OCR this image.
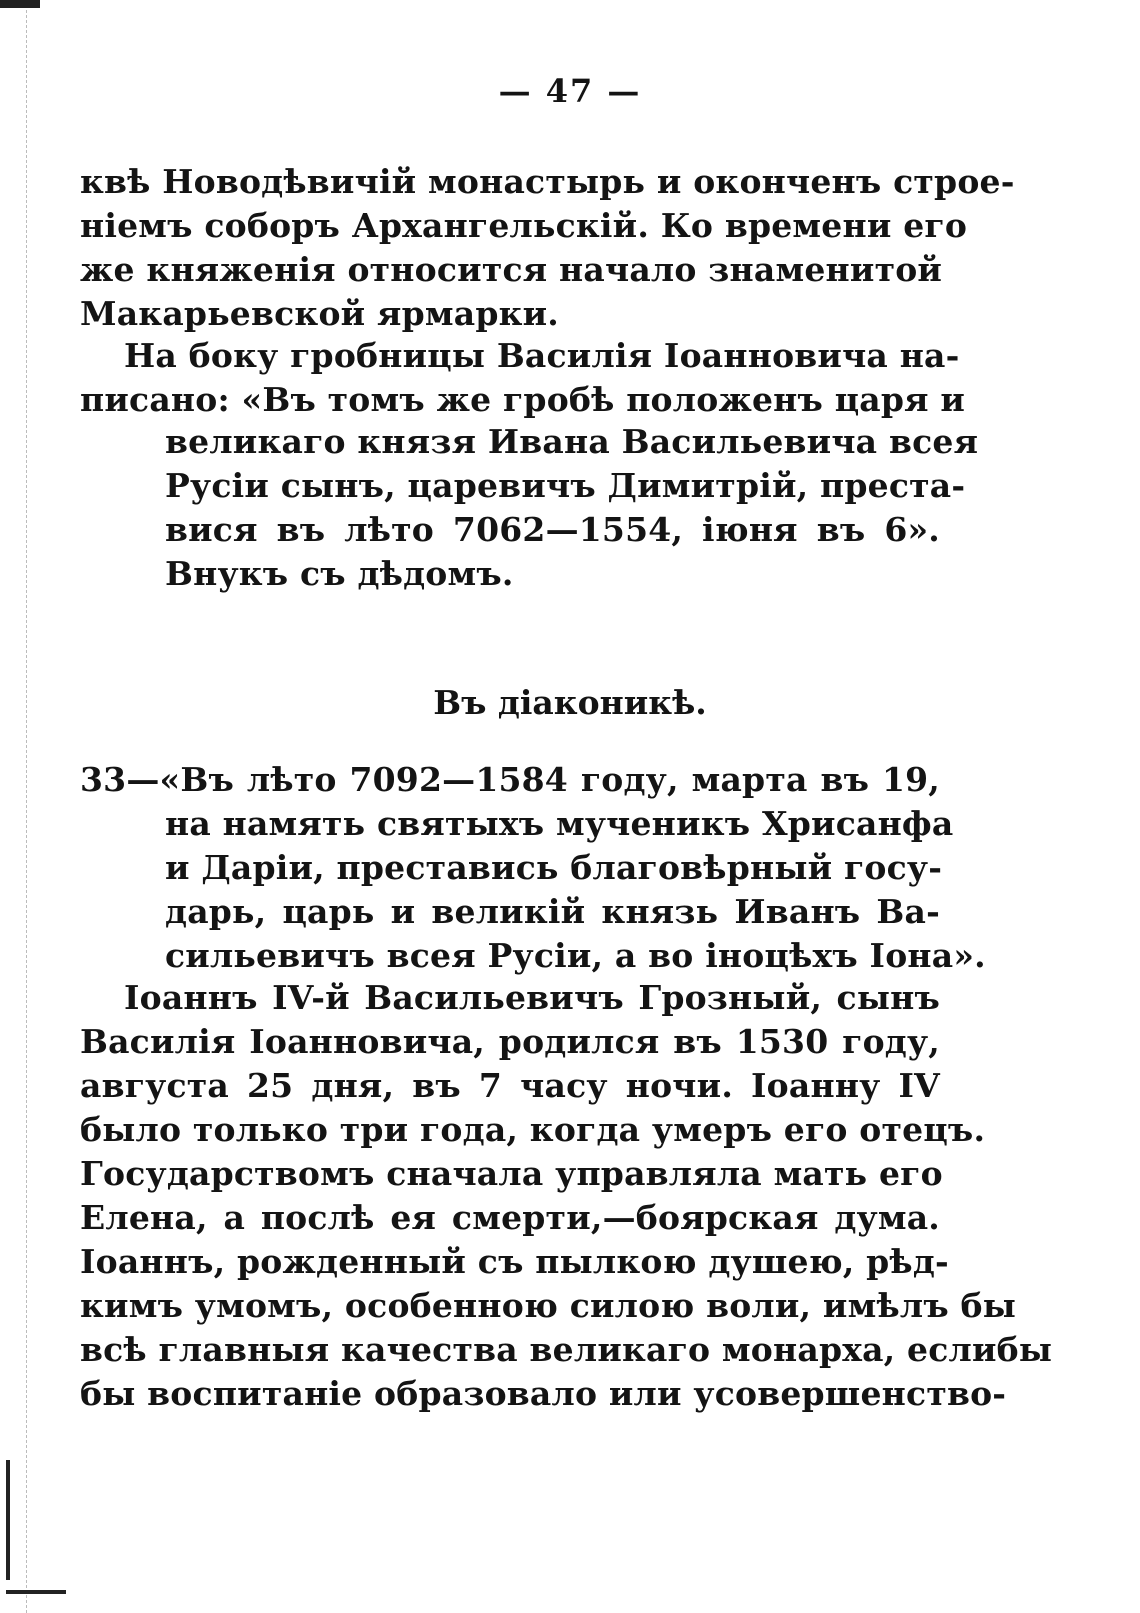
— 47 —
квѣ Новодѣвичій монастырь и оконченъ строе-
ніемъ соборъ Архангельскій. Ко времени его
же княженія относится начало знаменитой
Макарьевской ярмарки.
На боку гробницы Василія Іоанновича на-
писано: «Въ томъ же гробѣ положенъ царя и
великаго князя Ивана Васильевича всея
Русіи сынъ, царевичъ Димитрій, преста-
вися въ лѣто 7062—1554, іюня въ 6».
Внукъ съ дѣдомъ.
Въ діаконикѣ.
33—«Въ лѣто 7092—1584 году, марта въ 19,
на намять святыхъ мученикъ Хрисанфа
и Даріи, преставись благовѣрный госу-
дарь, царь и великій князь Иванъ Ва-
сильевичъ всея Русіи, а во іноцѣхъ Іона».
Іоаннъ IV-й Васильевичъ Грозный, сынъ
Василія Іоанновича, родился въ 1530 году,
августа 25 дня, въ 7 часу ночи. Іоанну IV
было только три года, когда умеръ его отецъ.
Государствомъ сначала управляла мать его
Елена, а послѣ ея смерти,—боярская дума.
Іоаннъ, рожденный съ пылкою душею, рѣд-
кимъ умомъ, особенною силою воли, имѣлъ бы
всѣ главныя качества великаго монарха, еслибы
бы воспитаніе образовало или усовершенство-
